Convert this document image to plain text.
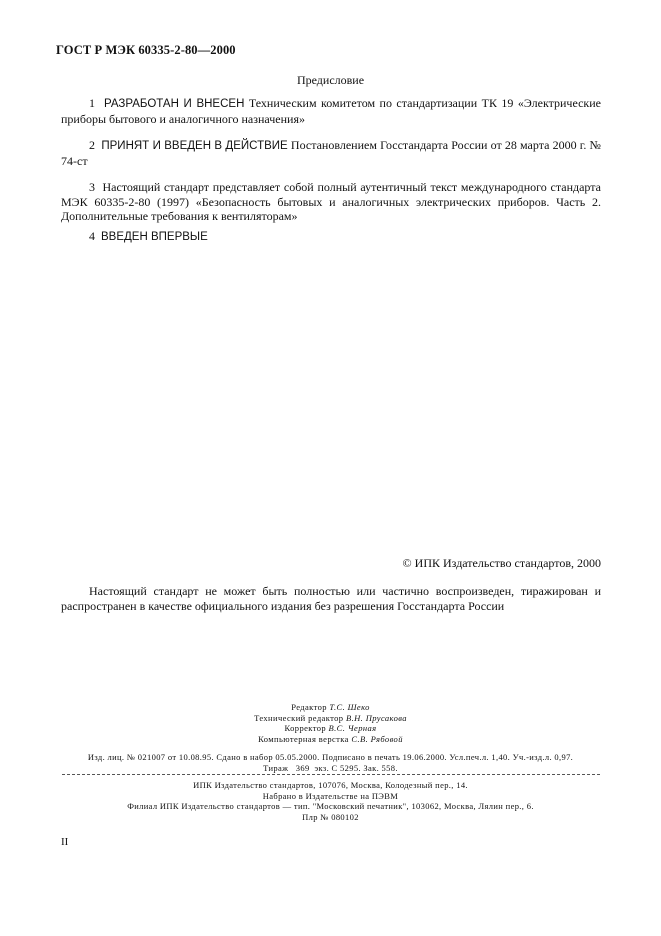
ГОСТ Р МЭК 60335-2-80—2000
Предисловие
1 РАЗРАБОТАН И ВНЕСЕН Техническим комитетом по стандартизации ТК 19 «Электрические приборы бытового и аналогичного назначения»
2 ПРИНЯТ И ВВЕДЕН В ДЕЙСТВИЕ Постановлением Госстандарта России от 28 марта 2000 г. № 74-ст
3 Настоящий стандарт представляет собой полный аутентичный текст международного стандарта МЭК 60335-2-80 (1997) «Безопасность бытовых и аналогичных электрических приборов. Часть 2. Дополнительные требования к вентиляторам»
4 ВВЕДЕН ВПЕРВЫЕ
© ИПК Издательство стандартов, 2000
Настоящий стандарт не может быть полностью или частично воспроизведен, тиражирован и распространен в качестве официального издания без разрешения Госстандарта России
Редактор Т.С. Шеко
Технический редактор В.Н. Прусакова
Корректор В.С. Черная
Компьютерная верстка С.В. Рябовой
Изд. лиц. № 021007 от 10.08.95. Сдано в набор 05.05.2000. Подписано в печать 19.06.2000. Усл.печ.л. 1,40. Уч.-изд.л. 0,97.
Тираж   369  экз. С 5295. Зак. 558.
ИПК Издательство стандартов, 107076, Москва, Колодезный пер., 14.
Набрано в Издательстве на ПЭВМ
Филиал ИПК Издательство стандартов — тип. "Московский печатник", 103062, Москва, Лялин пер., 6.
Плр № 080102
II
